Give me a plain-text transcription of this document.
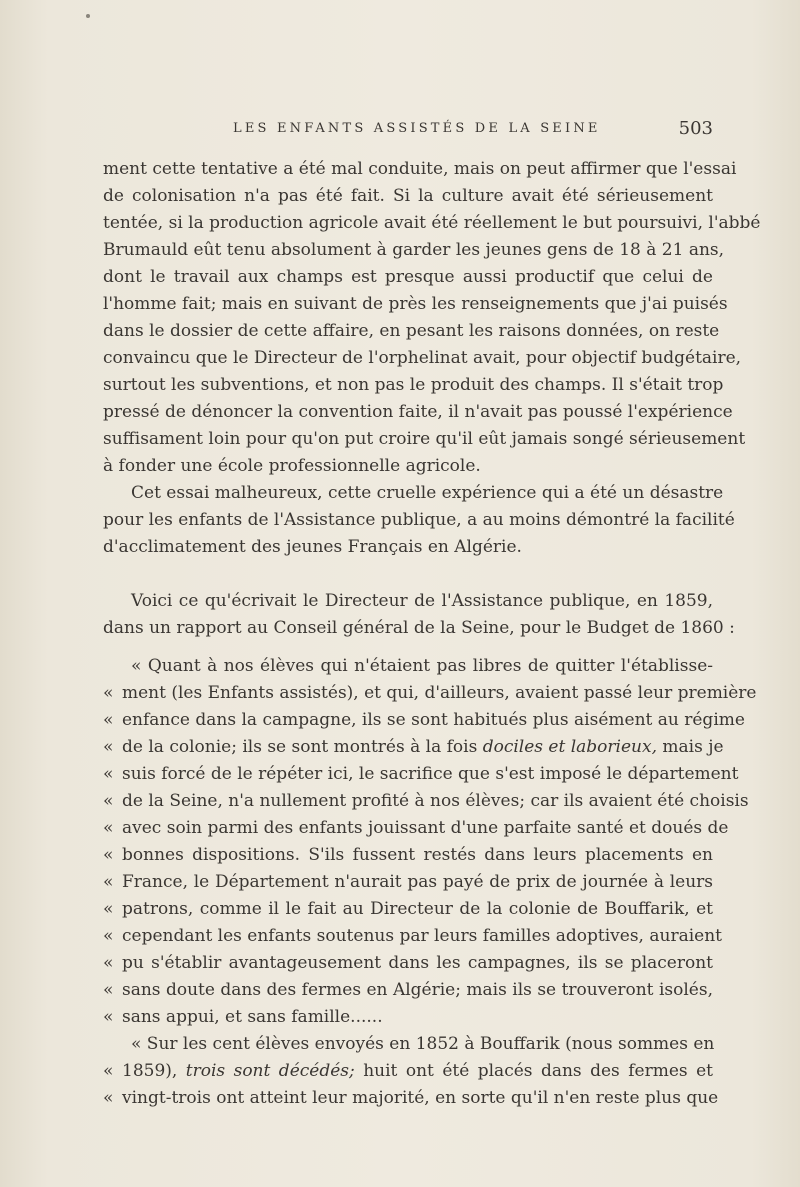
LES ENFANTS ASSISTÉS DE LA SEINE	503
ment cette tentative a été mal conduite, mais on peut affirmer que l'essai
de colonisation n'a pas été fait. Si la culture avait été sérieusement
tentée, si la production agricole avait été réellement le but poursuivi, l'abbé
Brumauld eût tenu absolument à garder les jeunes gens de 18 à 21 ans,
dont le travail aux champs est presque aussi productif que celui de
l'homme fait; mais en suivant de près les renseignements que j'ai puisés
dans le dossier de cette affaire, en pesant les raisons données, on reste
convaincu que le Directeur de l'orphelinat avait, pour objectif budgétaire,
surtout les subventions, et non pas le produit des champs. Il s'était trop
pressé de dénoncer la convention faite, il n'avait pas poussé l'expérience
suffisament loin pour qu'on put croire qu'il eût jamais songé sérieusement
à fonder une école professionnelle agricole.
Cet essai malheureux, cette cruelle expérience qui a été un désastre
pour les enfants de l'Assistance publique, a au moins démontré la facilité
d'acclimatement des jeunes Français en Algérie.
Voici ce qu'écrivait le Directeur de l'Assistance publique, en 1859,
dans un rapport au Conseil général de la Seine, pour le Budget de 1860 :
« Quant à nos élèves qui n'étaient pas libres de quitter l'établisse-
« ment (les Enfants assistés), et qui, d'ailleurs, avaient passé leur première
« enfance dans la campagne, ils se sont habitués plus aisément au régime
« de la colonie; ils se sont montrés à la fois dociles et laborieux, mais je
« suis forcé de le répéter ici, le sacrifice que s'est imposé le département
« de la Seine, n'a nullement profité à nos élèves; car ils avaient été choisis
« avec soin parmi des enfants jouissant d'une parfaite santé et doués de
« bonnes dispositions. S'ils fussent restés dans leurs placements en
« France, le Département n'aurait pas payé de prix de journée à leurs
« patrons, comme il le fait au Directeur de la colonie de Bouffarik, et
« cependant les enfants soutenus par leurs familles adoptives, auraient
« pu s'établir avantageusement dans les campagnes, ils se placeront
« sans doute dans des fermes en Algérie; mais ils se trouveront isolés,
« sans appui, et sans famille......
« Sur les cent élèves envoyés en 1852 à Bouffarik (nous sommes en
« 1859), trois sont décédés; huit ont été placés dans des fermes et
« vingt-trois ont atteint leur majorité, en sorte qu'il n'en reste plus que
